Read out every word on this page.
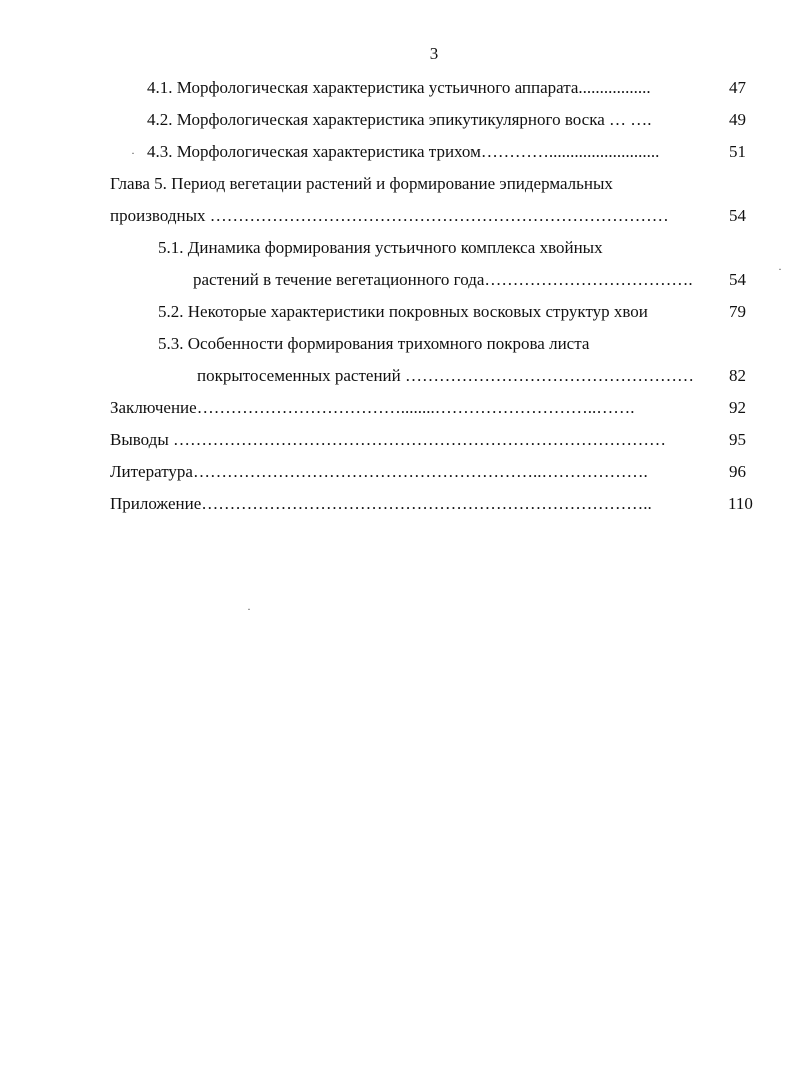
3
4.1. Морфологическая характеристика устьичного аппарата.................	47
4.2. Морфологическая характеристика эпикутикулярного воска … ….	49
4.3. Морфологическая характеристика трихом…………..........................	51
Глава 5. Период вегетации растений и формирование эпидермальных
производных ………………………………………………………………………	54
5.1. Динамика формирования устьичного комплекса хвойных
растений в течение вегетационного года………………………………. 54
5.2. Некоторые характеристики покровных восковых структур хвои	79
5.3. Особенности формирования трихомного покрова листа
покрытосеменных растений …………………………………………… 82
Заключение………………………………........………………………..…….	92
Выводы ……………………………………………………………………………	95
Литература……………………………………………………..……………….	96
Приложение……………………………………………………………………..	110
·
·
·
